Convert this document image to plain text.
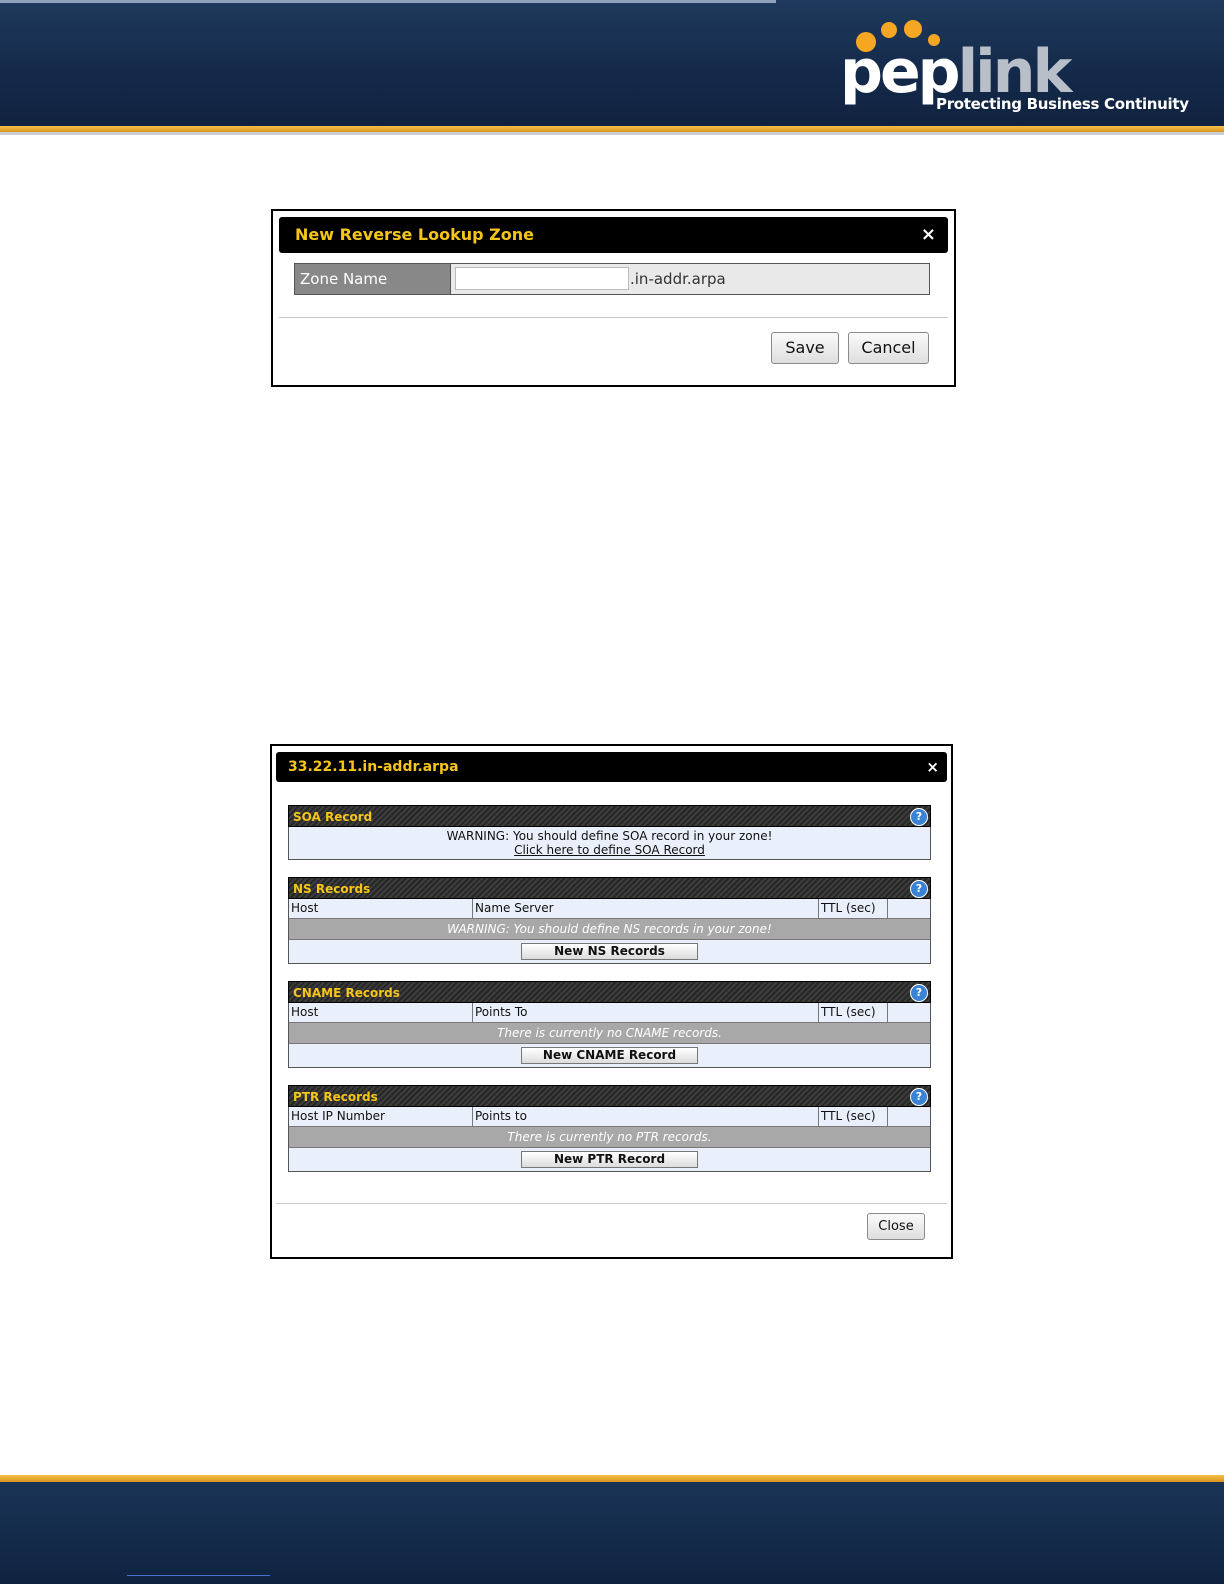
peplink
Protecting Business Continuity
New Reverse Lookup Zone	×
Zone Name	.in-addr.arpa
Save	Cancel
33.22.11.in-addr.arpa	×
SOA Record	?
WARNING: You should define SOA record in your zone!
Click here to define SOA Record
NS Records	?
Host	Name Server	TTL (sec)
WARNING: You should define NS records in your zone!
New NS Records
CNAME Records	?
Host	Points To	TTL (sec)
There is currently no CNAME records.
New CNAME Record
PTR Records	?
Host IP Number	Points to	TTL (sec)
There is currently no PTR records.
New PTR Record
Close
